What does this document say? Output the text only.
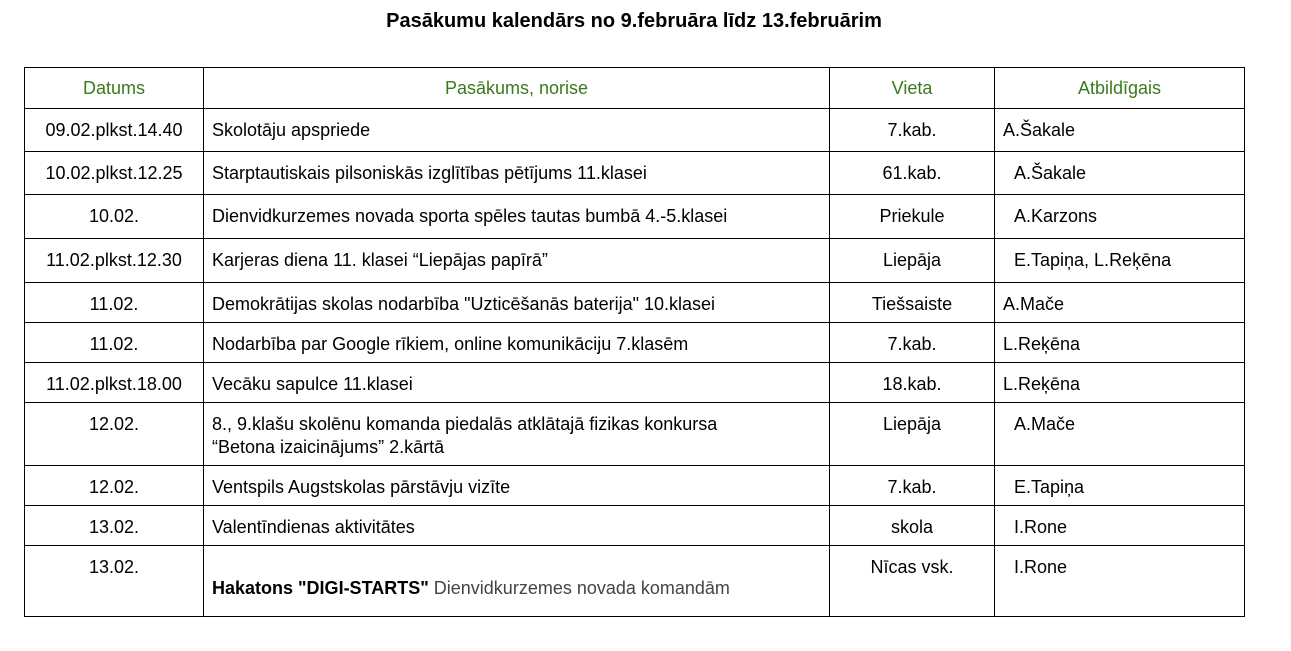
Pasākumu kalendārs no 9.februāra līdz 13.februārim
Datums	Pasākums, norise	Vieta	Atbildīgais

09.02.plkst.14.40	Skolotāju apspriede	7.kab.	A.Šakale

10.02.plkst.12.25	Starptautiskais pilsoniskās izglītības pētījums 11.klasei	61.kab.	A.Šakale

10.02.	Dienvidkurzemes novada sporta spēles tautas bumbā 4.-5.klasei	Priekule	A.Karzons

11.02.plkst.12.30	Karjeras diena 11. klasei “Liepājas papīrā”	Liepāja	E.Tapiņa, L.Reķēna

11.02.	Demokrātijas skolas nodarbība "Uzticēšanās baterija" 10.klasei	Tiešsaiste	A.Mače

11.02.	Nodarbība par Google rīkiem, online komunikāciju 7.klasēm	7.kab.	L.Reķēna

11.02.plkst.18.00	Vecāku sapulce 11.klasei	18.kab.	L.Reķēna

12.02.	8., 9.klašu skolēnu komanda piedalās atklātajā fizikas konkursa
“Betona izaicinājums” 2.kārtā	Liepāja	A.Mače

12.02.	Ventspils Augstskolas pārstāvju vizīte	7.kab.	E.Tapiņa

13.02.	Valentīndienas aktivitātes	skola	I.Rone

13.02.	Hakatons "DIGI-STARTS" Dienvidkurzemes novada komandām	Nīcas vsk.	I.Rone
